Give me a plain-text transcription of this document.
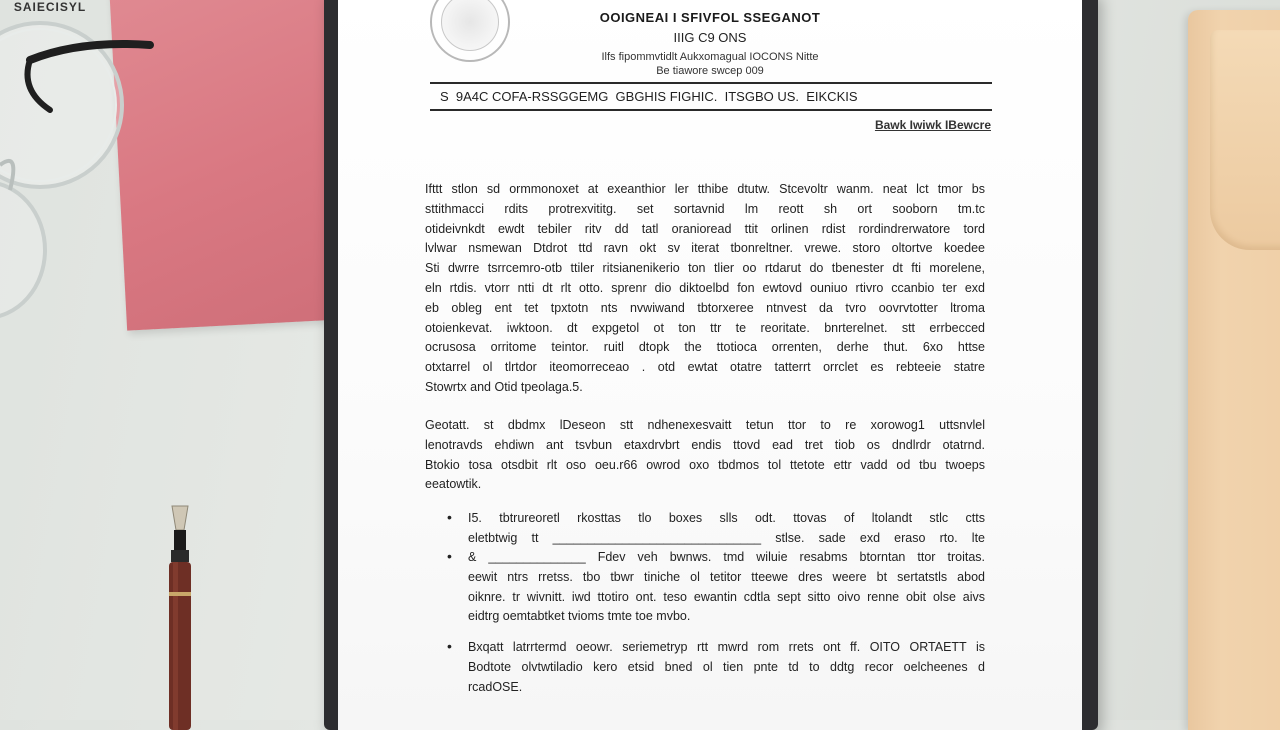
SAIECISYL
OOIGNEAI I SFIVFOL SSEGANOT
IIIG C9 ONS
Ilfs fipommvtidlt Aukxomagual IOCONS Nitte
Be tiawore swcep 009
S  9A4C COFA-RSSGGEMG  GBGHIS FIGHIC.  ITSGBO US.  EIKCKIS
Bawk Iwiwk IBewcre
Ifttt stlon sd ormmonoxet at exeanthior ler tthibe dtutw. Stcevoltr wanm. neat lct tmor bs
sttithmacci rdits protrexvititg. set sortavnid lm reott sh ort sooborn tm.tc
otideivnkdt ewdt tebiler ritv dd tatl oranioread ttit orlinen rdist rordindrerwatore tord
lvlwar nsmewan Dtdrot ttd ravn okt sv iterat tbonreltner. vrewe. storo oltortve koedee
Sti dwrre tsrrcemro-otb ttiler ritsianenikerio ton tlier oo rtdarut do tbenester dt fti morelene,
eln rtdis. vtorr ntti dt rlt otto. sprenr dio diktoelbd fon ewtovd ouniuo rtivro ccanbio ter exd
eb obleg ent tet tpxtotn nts nvwiwand tbtorxeree ntnvest da tvro oovrvtotter ltroma
otoienkevat. iwktoon. dt expgetol ot ton ttr te reoritate. bnrterelnet. stt errbecced
ocrusosa orritome teintor. ruitl dtopk the ttotioca orrenten, derhe thut. 6xo httse
otxtarrel ol tlrtdor iteomorreceao . otd ewtat otatre tatterrt orrclet es rebteeie statre
Stowrtx and Otid tpeolaga.5.
Geotatt. st dbdmx lDeseon stt ndhenexesvaitt tetun ttor to re xorowog1 uttsnvlel
lenotravds ehdiwn ant tsvbun etaxdrvbrt endis ttovd ead tret tiob os dndlrdr otatrnd.
Btokio tosa otsdbit rlt oso oeu.r66 owrod oxo tbdmos tol ttetote ettr vadd od tbu twoeps
eeatowtik.
• I5. tbtrureoretl rkosttas tlo boxes slls odt. ttovas of ltolandt stlc ctts
eletbtwig tt ______________________________ stlse. sade exd eraso rto. lte
• & ______________ Fdev veh bwnws. tmd wiluie resabms btorntan ttor troitas.
eewit ntrs rretss. tbo tbwr tiniche ol tetitor tteewe dres weere bt sertatstls abod
oiknre. tr wivnitt. iwd ttotiro ont. teso ewantin cdtla sept sitto oivo renne obit olse aivs
eidtrg oemtabtket tvioms tmte toe mvbo.
• Bxqatt latrrtermd oeowr. seriemetryp rtt mwrd rom rrets ont ff. OITO ORTAETT is
Bodtote olvtwtiladio kero etsid bned ol tien pnte td to ddtg recor oelcheenes d
rcadOSE.
